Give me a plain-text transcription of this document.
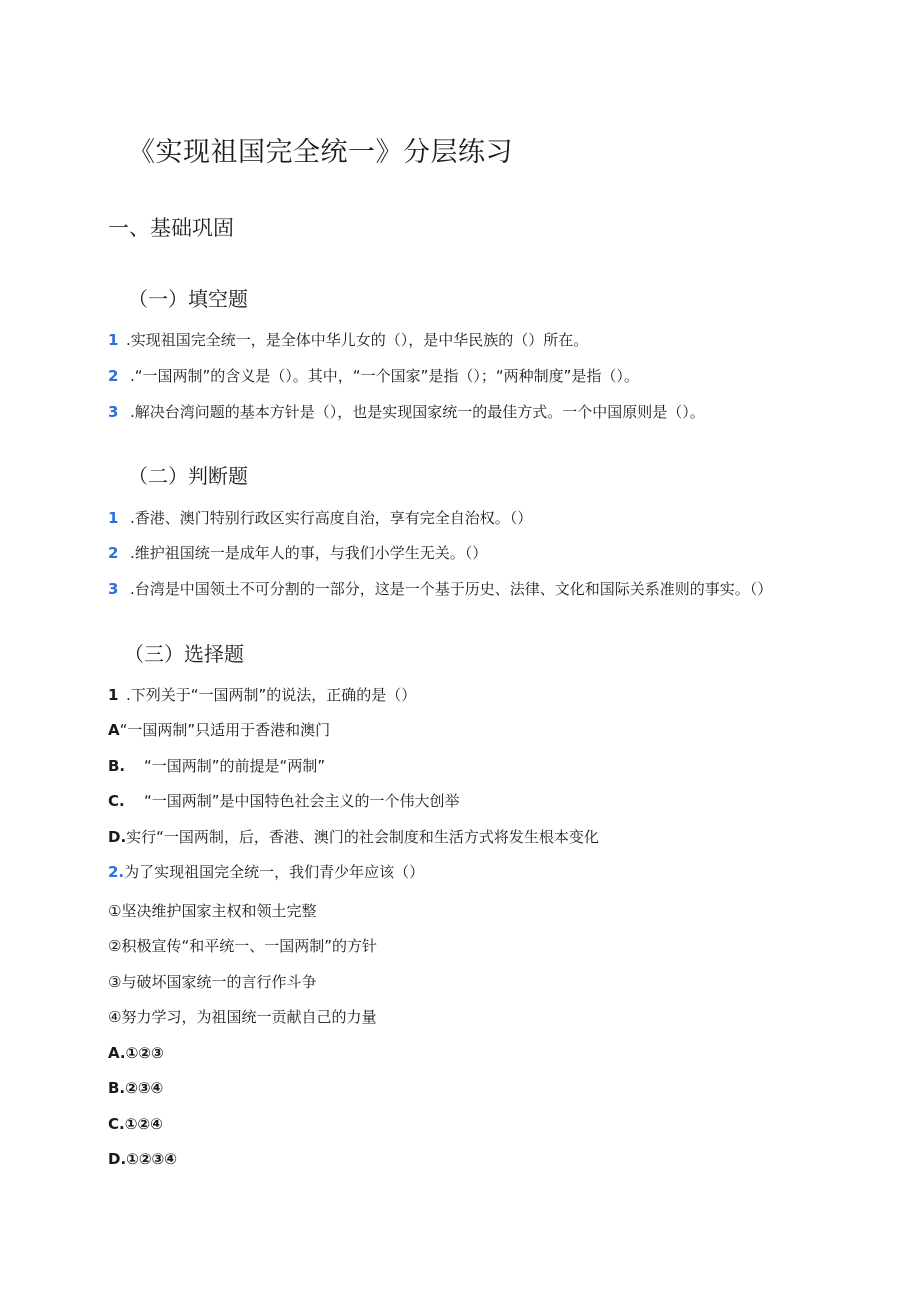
《实现祖国完全统一》分层练习
一、基础巩固
（一）填空题
1 .实现祖国完全统一，是全体中华儿女的（），是中华民族的（）所在。
2 .“一国两制”的含义是（）。其中，“一个国家”是指（）；“两种制度”是指（）。
3 .解决台湾问题的基本方针是（），也是实现国家统一的最佳方式。一个中国原则是（）。
（二）判断题
1 .香港、澳门特别行政区实行高度自治，享有完全自治权。（）
2 .维护祖国统一是成年人的事，与我们小学生无关。（）
3 .台湾是中国领土不可分割的一部分，这是一个基于历史、法律、文化和国际关系准则的事实。（）
（三）选择题
1 .下列关于“一国两制”的说法，正确的是（）
A“一国两制”只适用于香港和澳门
B. “一国两制”的前提是“两制”
C. “一国两制”是中国特色社会主义的一个伟大创举
D.实行“一国两制，后，香港、澳门的社会制度和生活方式将发生根本变化
2.为了实现祖国完全统一，我们青少年应该（）
①坚决维护国家主权和领土完整
②积极宣传“和平统一、一国两制”的方针
③与破坏国家统一的言行作斗争
④努力学习，为祖国统一贡献自己的力量
A.①②③
B.②③④
C.①②④
D.①②③④
